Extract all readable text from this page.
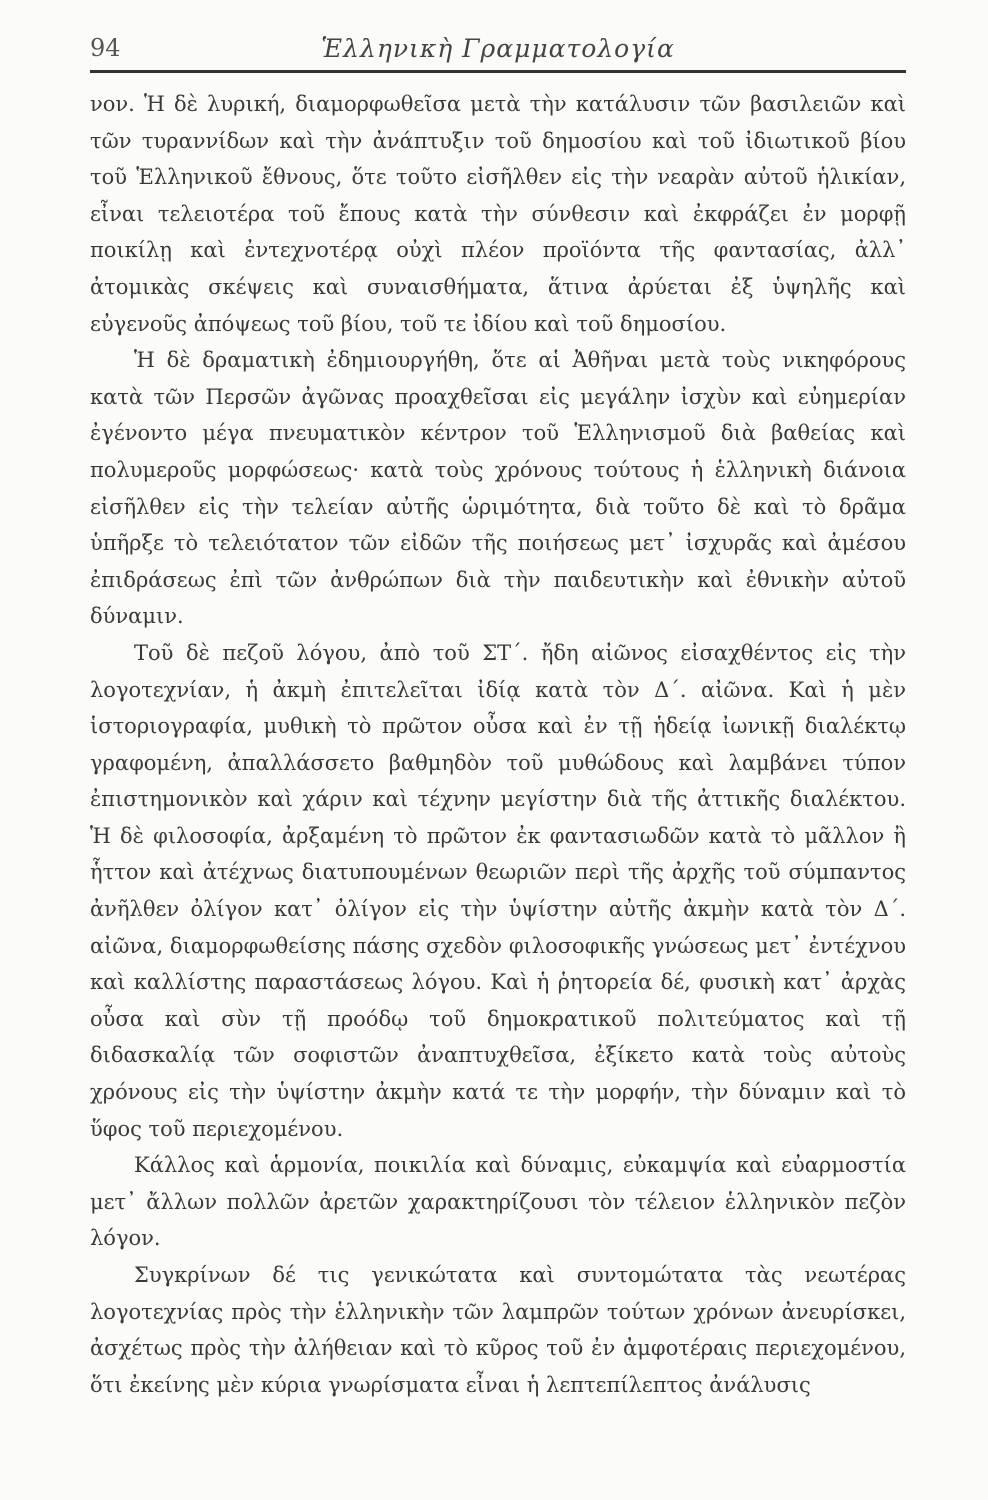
94	Ἑλληνικὴ Γραμματολογία

νον. Ἡ δὲ λυρική, διαμορφωθεῖσα μετὰ τὴν κατάλυσιν τῶν βασιλειῶν καὶ τῶν τυραννίδων καὶ τὴν ἀνάπτυξιν τοῦ δημοσίου καὶ τοῦ ἰδιωτικοῦ βίου τοῦ Ἑλληνικοῦ ἔθνους, ὅτε τοῦτο εἰσῆλθεν εἰς τὴν νεαρὰν αὐτοῦ ἡλικίαν, εἶναι τελειοτέρα τοῦ ἔπους κατὰ τὴν σύνθεσιν καὶ ἐκφράζει ἐν μορφῇ ποικίλῃ καὶ ἐντεχνοτέρᾳ οὐχὶ πλέον προϊόντα τῆς φαντασίας, ἀλλ᾽ ἀτομικὰς σκέψεις καὶ συναισθήματα, ἅτινα ἀρύεται ἐξ ὑψηλῆς καὶ εὐγενοῦς ἀπόψεως τοῦ βίου, τοῦ τε ἰδίου καὶ τοῦ δημοσίου.

Ἡ δὲ δραματικὴ ἐδημιουργήθη, ὅτε αἱ Ἀθῆναι μετὰ τοὺς νικηφόρους κατὰ τῶν Περσῶν ἀγῶνας προαχθεῖσαι εἰς μεγάλην ἰσχὺν καὶ εὐημερίαν ἐγένοντο μέγα πνευματικὸν κέντρον τοῦ Ἑλληνισμοῦ διὰ βαθείας καὶ πολυμεροῦς μορφώσεως· κατὰ τοὺς χρόνους τούτους ἡ ἑλληνικὴ διάνοια εἰσῆλθεν εἰς τὴν τελείαν αὐτῆς ὡριμότητα, διὰ τοῦτο δὲ καὶ τὸ δρᾶμα ὑπῆρξε τὸ τελειότατον τῶν εἰδῶν τῆς ποιήσεως μετ᾽ ἰσχυρᾶς καὶ ἀμέσου ἐπιδράσεως ἐπὶ τῶν ἀνθρώπων διὰ τὴν παιδευτικὴν καὶ ἐθνικὴν αὐτοῦ δύναμιν.

Τοῦ δὲ πεζοῦ λόγου, ἀπὸ τοῦ ΣΤ΄. ἤδη αἰῶνος εἰσαχθέντος εἰς τὴν λογοτεχνίαν, ἡ ἀκμὴ ἐπιτελεῖται ἰδίᾳ κατὰ τὸν Δ΄. αἰῶνα. Καὶ ἡ μὲν ἱστοριογραφία, μυθικὴ τὸ πρῶτον οὖσα καὶ ἐν τῇ ἡδείᾳ ἰωνικῇ διαλέκτῳ γραφομένη, ἀπαλλάσσετο βαθμηδὸν τοῦ μυθώδους καὶ λαμβάνει τύπον ἐπιστημονικὸν καὶ χάριν καὶ τέχνην μεγίστην διὰ τῆς ἀττικῆς διαλέκτου. Ἡ δὲ φιλοσοφία, ἀρξαμένη τὸ πρῶτον ἐκ φαντασιωδῶν κατὰ τὸ μᾶλλον ἢ ἧττον καὶ ἀτέχνως διατυπουμένων θεωριῶν περὶ τῆς ἀρχῆς τοῦ σύμπαντος ἀνῆλθεν ὀλίγον κατ᾽ ὀλίγον εἰς τὴν ὑψίστην αὐτῆς ἀκμὴν κατὰ τὸν Δ΄. αἰῶνα, διαμορφωθείσης πάσης σχεδὸν φιλοσοφικῆς γνώσεως μετ᾽ ἐντέχνου καὶ καλλίστης παραστάσεως λόγου. Καὶ ἡ ῥητορεία δέ, φυσικὴ κατ᾽ ἀρχὰς οὖσα καὶ σὺν τῇ προόδῳ τοῦ δημοκρατικοῦ πολιτεύματος καὶ τῇ διδασκαλίᾳ τῶν σοφιστῶν ἀναπτυχθεῖσα, ἐξίκετο κατὰ τοὺς αὐτοὺς χρόνους εἰς τὴν ὑψίστην ἀκμὴν κατά τε τὴν μορφήν, τὴν δύναμιν καὶ τὸ ὕφος τοῦ περιεχομένου.

Κάλλος καὶ ἁρμονία, ποικιλία καὶ δύναμις, εὐκαμψία καὶ εὐαρμοστία μετ᾽ ἄλλων πολλῶν ἀρετῶν χαρακτηρίζουσι τὸν τέλειον ἑλληνικὸν πεζὸν λόγον.

Συγκρίνων δέ τις γενικώτατα καὶ συντομώτατα τὰς νεωτέρας λογοτεχνίας πρὸς τὴν ἑλληνικὴν τῶν λαμπρῶν τούτων χρόνων ἀνευρίσκει, ἀσχέτως πρὸς τὴν ἀλήθειαν καὶ τὸ κῦρος τοῦ ἐν ἀμφοτέραις περιεχομένου, ὅτι ἐκείνης μὲν κύρια γνωρίσματα εἶναι ἡ λεπτεπίλεπτος ἀνάλυσις
